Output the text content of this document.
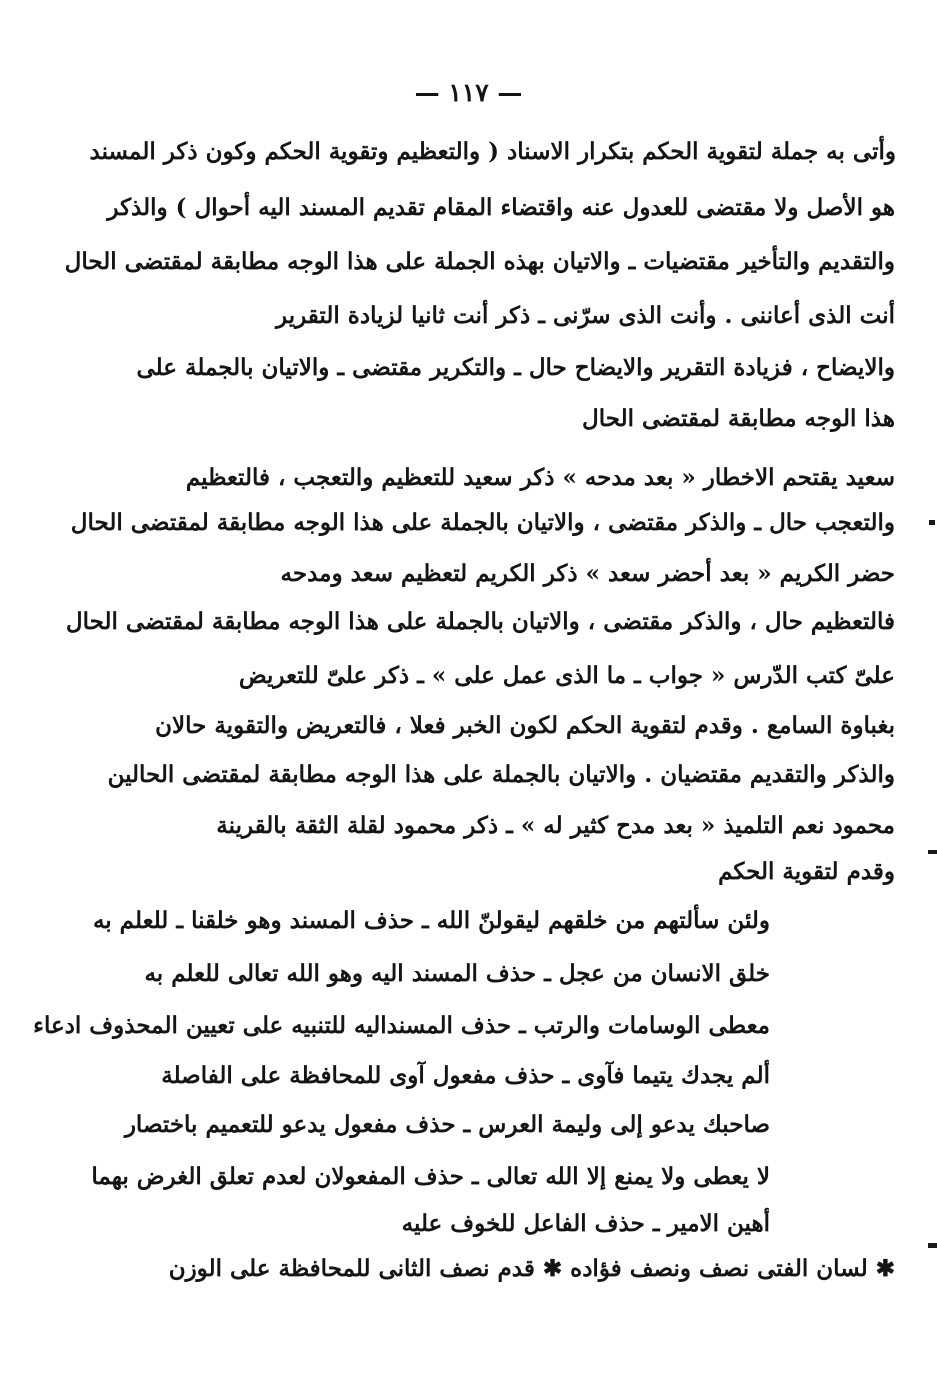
— ١١٧ —
وأتى به جملة لتقوية الحكم بتكرار الاسناد ( والتعظيم وتقوية الحكم وكون ذكر المسند
هو الأصل ولا مقتضى للعدول عنه واقتضاء المقام تقديم المسند اليه أحوال ) والذكر
والتقديم والتأخير مقتضيات ـ والاتيان بهذه الجملة على هذا الوجه مطابقة لمقتضى الحال
أنت الذى أعاننى . وأنت الذى سرّنى ـ ذكر أنت ثانيا لزيادة التقرير
والايضاح ، فزيادة التقرير والايضاح حال ـ والتكرير مقتضى ـ والاتيان بالجملة على
هذا الوجه مطابقة لمقتضى الحال
سعيد يقتحم الاخطار « بعد مدحه » ذكر سعيد للتعظيم والتعجب ، فالتعظيم
والتعجب حال ـ والذكر مقتضى ، والاتيان بالجملة على هذا الوجه مطابقة لمقتضى الحال
حضر الكريم « بعد أحضر سعد » ذكر الكريم لتعظيم سعد ومدحه
فالتعظيم حال ، والذكر مقتضى ، والاتيان بالجملة على هذا الوجه مطابقة لمقتضى الحال
علىّ كتب الدّرس « جواب ـ ما الذى عمل على » ـ ذكر علىّ للتعريض
بغباوة السامع . وقدم لتقوية الحكم لكون الخبر فعلا ، فالتعريض والتقوية حالان
والذكر والتقديم مقتضيان . والاتيان بالجملة على هذا الوجه مطابقة لمقتضى الحالين
محمود نعم التلميذ « بعد مدح كثير له » ـ ذكر محمود لقلة الثقة بالقرينة
وقدم لتقوية الحكم
ولئن سألتهم من خلقهم ليقولنّ الله ـ حذف المسند وهو خلقنا ـ للعلم به
خلق الانسان من عجل ـ حذف المسند اليه وهو الله تعالى للعلم به
معطى الوسامات والرتب ـ حذف المسنداليه للتنبيه على تعيين المحذوف ادعاء
ألم يجدك يتيما فآوى ـ حذف مفعول آوى للمحافظة على الفاصلة
صاحبك يدعو إلى وليمة العرس ـ حذف مفعول يدعو للتعميم باختصار
لا يعطى ولا يمنع إلا الله تعالى ـ حذف المفعولان لعدم تعلق الغرض بهما
أهين الامير ـ حذف الفاعل للخوف عليه
✱ لسان الفتى نصف ونصف فؤاده ✱ قدم نصف الثانى للمحافظة على الوزن
